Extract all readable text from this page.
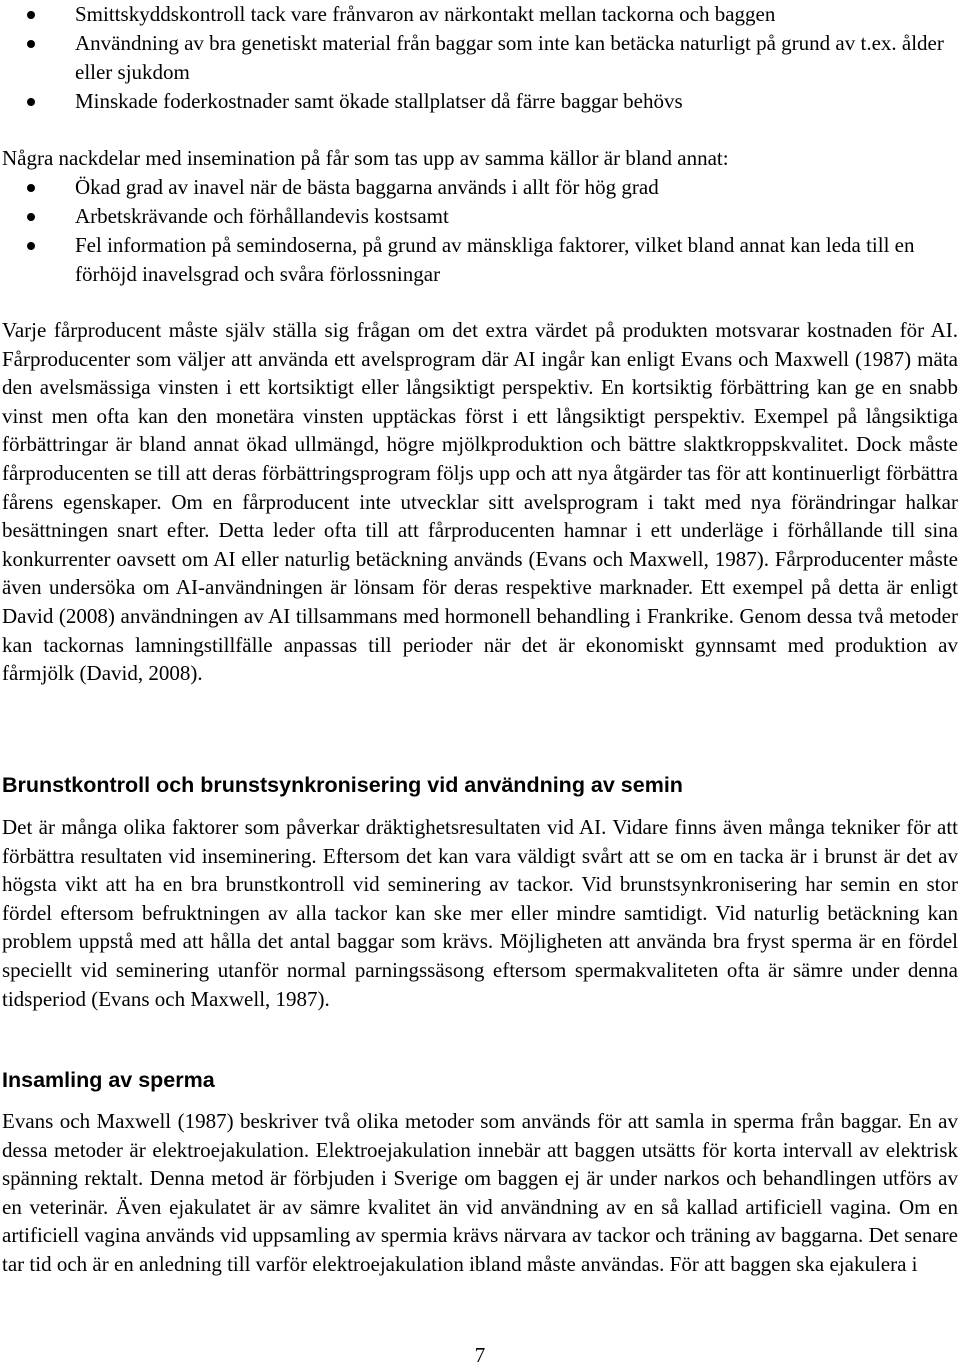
Smittskyddskontroll tack vare frånvaron av närkontakt mellan tackorna och baggen
Användning av bra genetiskt material från baggar som inte kan betäcka naturligt på grund av t.ex. ålder eller sjukdom
Minskade foderkostnader samt ökade stallplatser då färre baggar behövs

Några nackdelar med insemination på får som tas upp av samma källor är bland annat:

Ökad grad av inavel när de bästa baggarna används i allt för hög grad
Arbetskrävande och förhållandevis kostsamt
Fel information på semindoserna, på grund av mänskliga faktorer, vilket bland annat kan leda till en förhöjd inavelsgrad och svåra förlossningar

Varje fårproducent måste själv ställa sig frågan om det extra värdet på produkten motsvarar kostnaden för AI. Fårproducenter som väljer att använda ett avelsprogram där AI ingår kan enligt Evans och Maxwell (1987) mäta den avelsmässiga vinsten i ett kortsiktigt eller långsiktigt perspektiv. En kortsiktig förbättring kan ge en snabb vinst men ofta kan den monetära vinsten upptäckas först i ett långsiktigt perspektiv. Exempel på långsiktiga förbättringar är bland annat ökad ullmängd, högre mjölkproduktion och bättre slaktkroppskvalitet. Dock måste fårproducenten se till att deras förbättringsprogram följs upp och att nya åtgärder tas för att kontinuerligt förbättra fårens egenskaper. Om en fårproducent inte utvecklar sitt avelsprogram i takt med nya förändringar halkar besättningen snart efter. Detta leder ofta till att fårproducenten hamnar i ett underläge i förhållande till sina konkurrenter oavsett om AI eller naturlig betäckning används (Evans och Maxwell, 1987). Fårproducenter måste även undersöka om AI-användningen är lönsam för deras respektive marknader. Ett exempel på detta är enligt David (2008) användningen av AI tillsammans med hormonell behandling i Frankrike. Genom dessa två metoder kan tackornas lamningstillfälle anpassas till perioder när det är ekonomiskt gynnsamt med produktion av fårmjölk (David, 2008).

Brunstkontroll och brunstsynkronisering vid användning av semin

Det är många olika faktorer som påverkar dräktighetsresultaten vid AI. Vidare finns även många tekniker för att förbättra resultaten vid inseminering. Eftersom det kan vara väldigt svårt att se om en tacka är i brunst är det av högsta vikt att ha en bra brunstkontroll vid seminering av tackor. Vid brunstsynkronisering har semin en stor fördel eftersom befruktningen av alla tackor kan ske mer eller mindre samtidigt. Vid naturlig betäckning kan problem uppstå med att hålla det antal baggar som krävs. Möjligheten att använda bra fryst sperma är en fördel speciellt vid seminering utanför normal parningssäsong eftersom spermakvaliteten ofta är sämre under denna tidsperiod (Evans och Maxwell, 1987).

Insamling av sperma

Evans och Maxwell (1987) beskriver två olika metoder som används för att samla in sperma från baggar. En av dessa metoder är elektroejakulation. Elektroejakulation innebär att baggen utsätts för korta intervall av elektrisk spänning rektalt. Denna metod är förbjuden i Sverige om baggen ej är under narkos och behandlingen utförs av en veterinär. Även ejakulatet är av sämre kvalitet än vid användning av en så kallad artificiell vagina. Om en artificiell vagina används vid uppsamling av spermia krävs närvara av tackor och träning av baggarna. Det senare tar tid och är en anledning till varför elektroejakulation ibland måste användas. För att baggen ska ejakulera i

7
